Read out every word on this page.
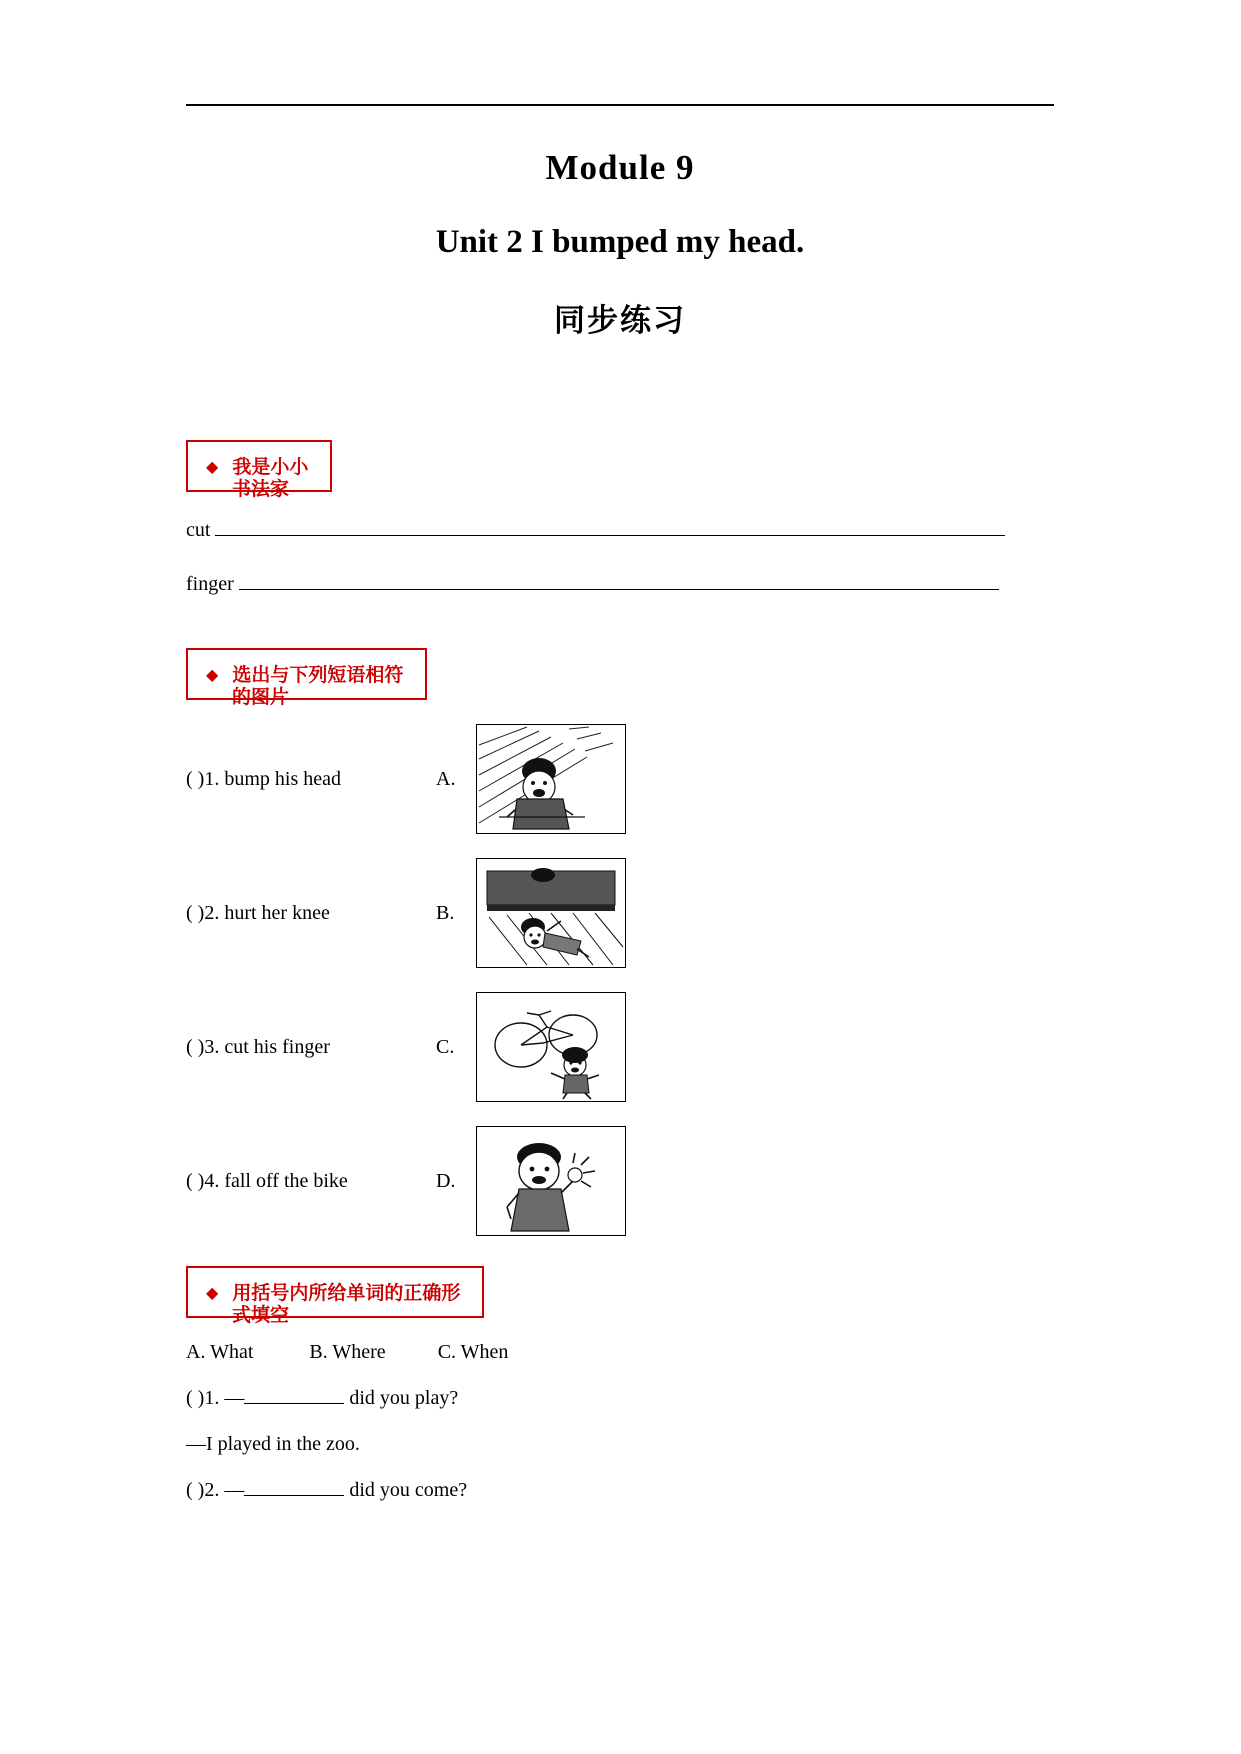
Module 9
Unit 2 I bumped my head.
同步练习
◆ 我是小小
书法家
cut
finger
◆ 选出与下列短语相符
的图片
( )1. bump his head	A.
( )2. hurt her knee	B.
( )3. cut his finger	C.
( )4. fall off the bike	D.
◆ 用括号内所给单词的正确形
式填空
A. What	B. Where	C. When
( )1. —	did you play?
—I played in the zoo.
( )2. —	did you come?
